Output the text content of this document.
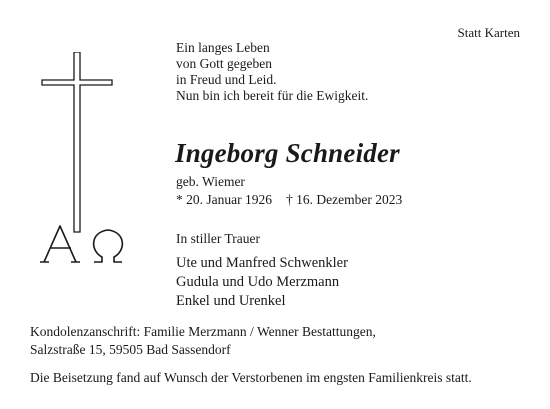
Statt Karten
Ein langes Leben
von Gott gegeben
in Freud und Leid.
Nun bin ich bereit für die Ewigkeit.
Ingeborg Schneider
geb. Wiemer
* 20. Januar 1926 † 16. Dezember 2023
In stiller Trauer
Ute und Manfred Schwenkler
Gudula und Udo Merzmann
Enkel und Urenkel
Kondolenzanschrift: Familie Merzmann / Wenner Bestattungen,
Salzstraße 15, 59505 Bad Sassendorf
Die Beisetzung fand auf Wunsch der Verstorbenen im engsten Familienkreis statt.
